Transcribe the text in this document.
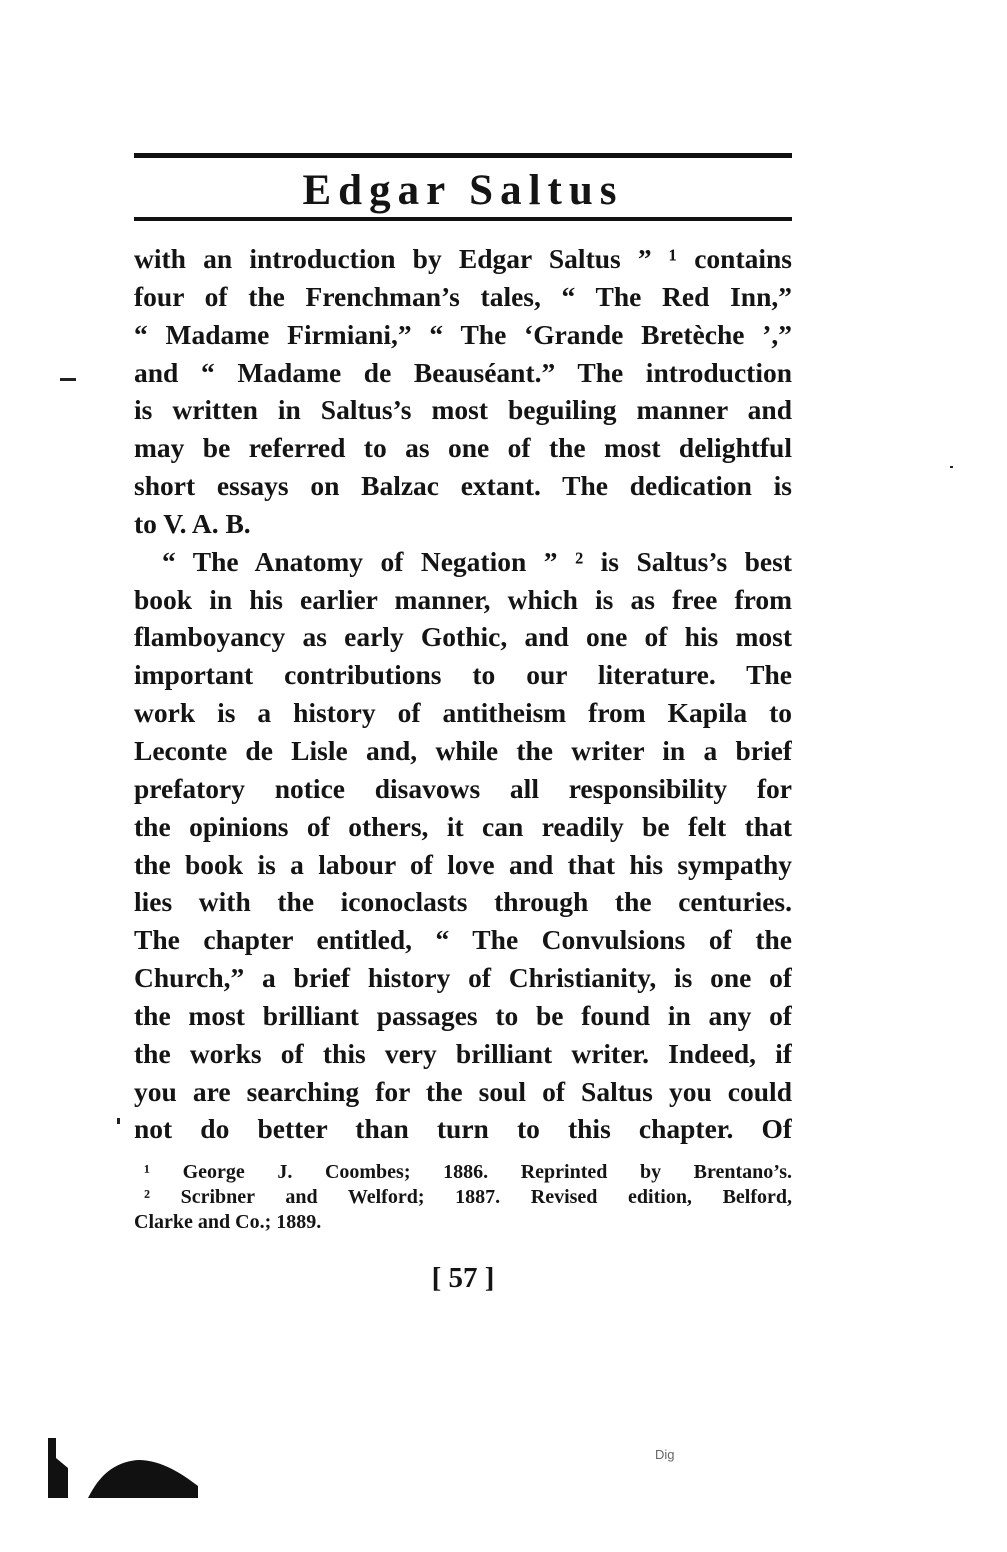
Edgar Saltus
with an introduction by Edgar Saltus ” ¹ contains
four of the Frenchman’s tales, “ The Red Inn,”
“ Madame Firmiani,” “ The ‘Grande Bretèche ’,”
and “ Madame de Beauséant.” The introduction
is written in Saltus’s most beguiling manner and
may be referred to as one of the most delightful
short essays on Balzac extant. The dedication is
to V. A. B.
“ The Anatomy of Negation ” ² is Saltus’s best
book in his earlier manner, which is as free from
flamboyancy as early Gothic, and one of his most
important contributions to our literature. The
work is a history of antitheism from Kapila to
Leconte de Lisle and, while the writer in a brief
prefatory notice disavows all responsibility for
the opinions of others, it can readily be felt that
the book is a labour of love and that his sympathy
lies with the iconoclasts through the centuries.
The chapter entitled, “ The Convulsions of the
Church,” a brief history of Christianity, is one of
the most brilliant passages to be found in any of
the works of this very brilliant writer. Indeed, if
you are searching for the soul of Saltus you could
not do better than turn to this chapter. Of
¹ George J. Coombes; 1886. Reprinted by Brentano’s.
² Scribner and Welford; 1887. Revised edition, Belford,
Clarke and Co.; 1889.

[ 57 ]

Dig
